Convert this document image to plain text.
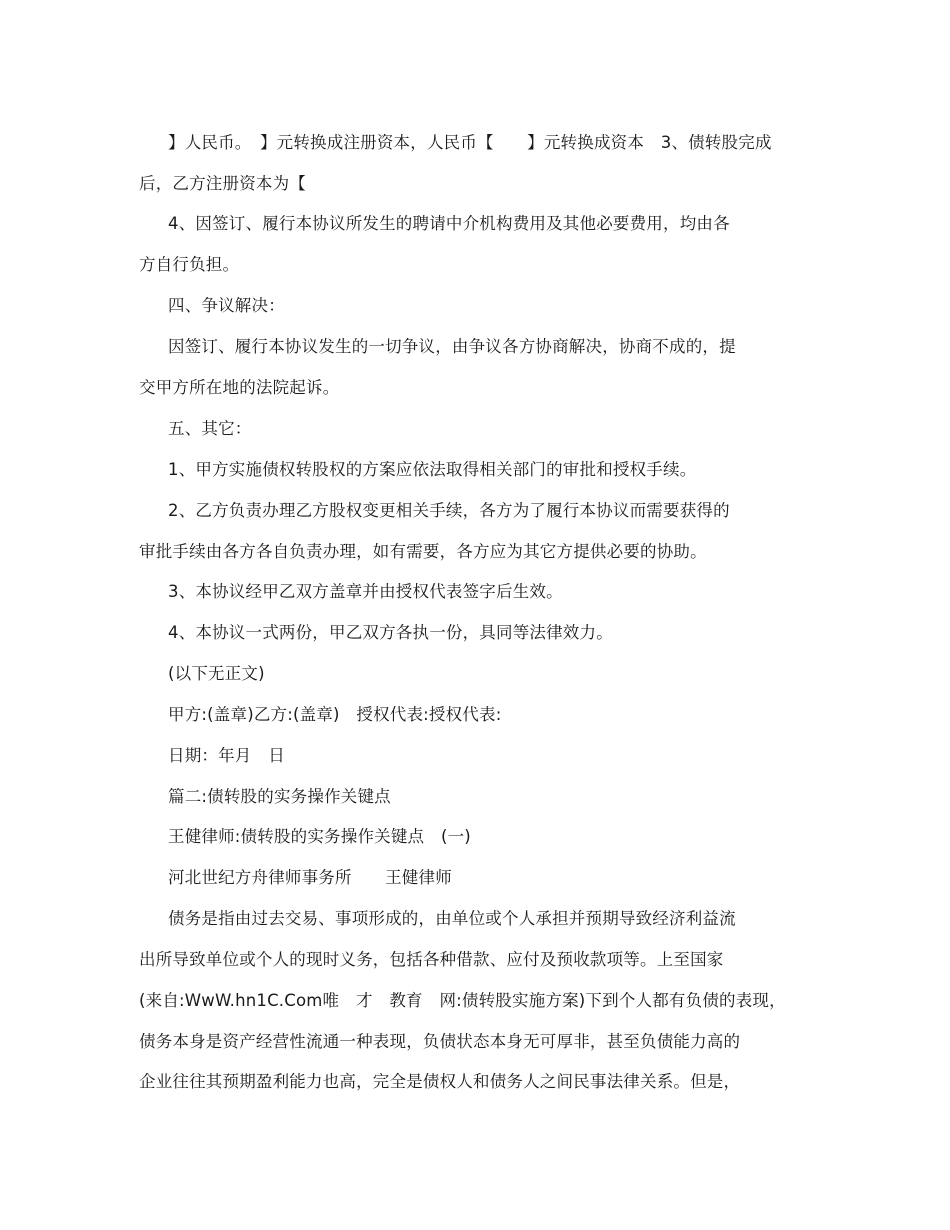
】人民币。　】元转换成注册资本，人民币【　　】元转换成资本　3、债转股完成
后，乙方注册资本为【
4、因签订、履行本协议所发生的聘请中介机构费用及其他必要费用，均由各
方自行负担。
四、争议解决：
因签订、履行本协议发生的一切争议，由争议各方协商解决，协商不成的，提
交甲方所在地的法院起诉。
五、其它：
1、甲方实施债权转股权的方案应依法取得相关部门的审批和授权手续。
2、乙方负责办理乙方股权变更相关手续，各方为了履行本协议而需要获得的
审批手续由各方各自负责办理，如有需要，各方应为其它方提供必要的协助。
3、本协议经甲乙双方盖章并由授权代表签字后生效。
4、本协议一式两份，甲乙双方各执一份，具同等法律效力。
(以下无正文)
甲方:(盖章)乙方:(盖章)　授权代表:授权代表:
日期：年月　日
篇二:债转股的实务操作关键点
王健律师:债转股的实务操作关键点　(一)
河北世纪方舟律师事务所　　王健律师
债务是指由过去交易、事项形成的，由单位或个人承担并预期导致经济利益流
出所导致单位或个人的现时义务，包括各种借款、应付及预收款项等。上至国家
(来自:WwW.hn1C.Com唯　才　教育　网:债转股实施方案)下到个人都有负债的表现，
债务本身是资产经营性流通一种表现，负债状态本身无可厚非，甚至负债能力高的
企业往往其预期盈利能力也高，完全是债权人和债务人之间民事法律关系。但是，
